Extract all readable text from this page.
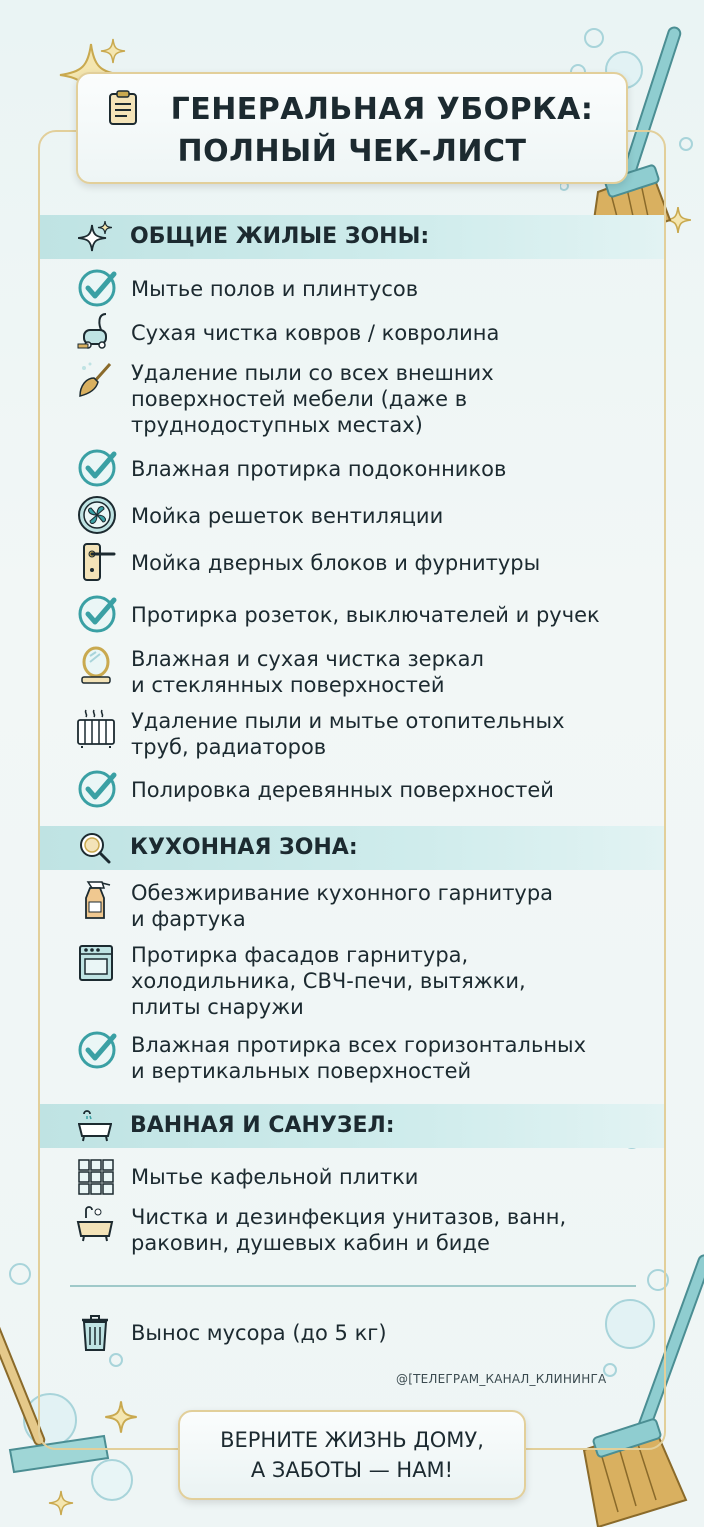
ГЕНЕРАЛЬНАЯ УБОРКА:
ПОЛНЫЙ ЧЕК-ЛИСТ
ОБЩИЕ ЖИЛЫЕ ЗОНЫ:
Мытье полов и плинтусов
Сухая чистка ковров / ковролина
Удаление пыли со всех внешних
поверхностей мебели (даже в
труднодоступных местах)
Влажная протирка подоконников
Мойка решеток вентиляции
Мойка дверных блоков и фурнитуры
Протирка розеток, выключателей и ручек
Влажная и сухая чистка зеркал
и стеклянных поверхностей
Удаление пыли и мытье отопительных
труб, радиаторов
Полировка деревянных поверхностей
КУХОННАЯ ЗОНА:
Обезжиривание кухонного гарнитура
и фартука
Протирка фасадов гарнитура,
холодильника, СВЧ-печи, вытяжки,
плиты снаружи
Влажная протирка всех горизонтальных
и вертикальных поверхностей
ВАННАЯ И САНУЗЕЛ:
Мытье кафельной плитки
Чистка и дезинфекция унитазов, ванн,
раковин, душевых кабин и биде
Вынос мусора (до 5 кг)
@[ТЕЛЕГРАМ_КАНАЛ_КЛИНИНГА
ВЕРНИТЕ ЖИЗНЬ ДОМУ,
А ЗАБОТЫ — НАМ!
